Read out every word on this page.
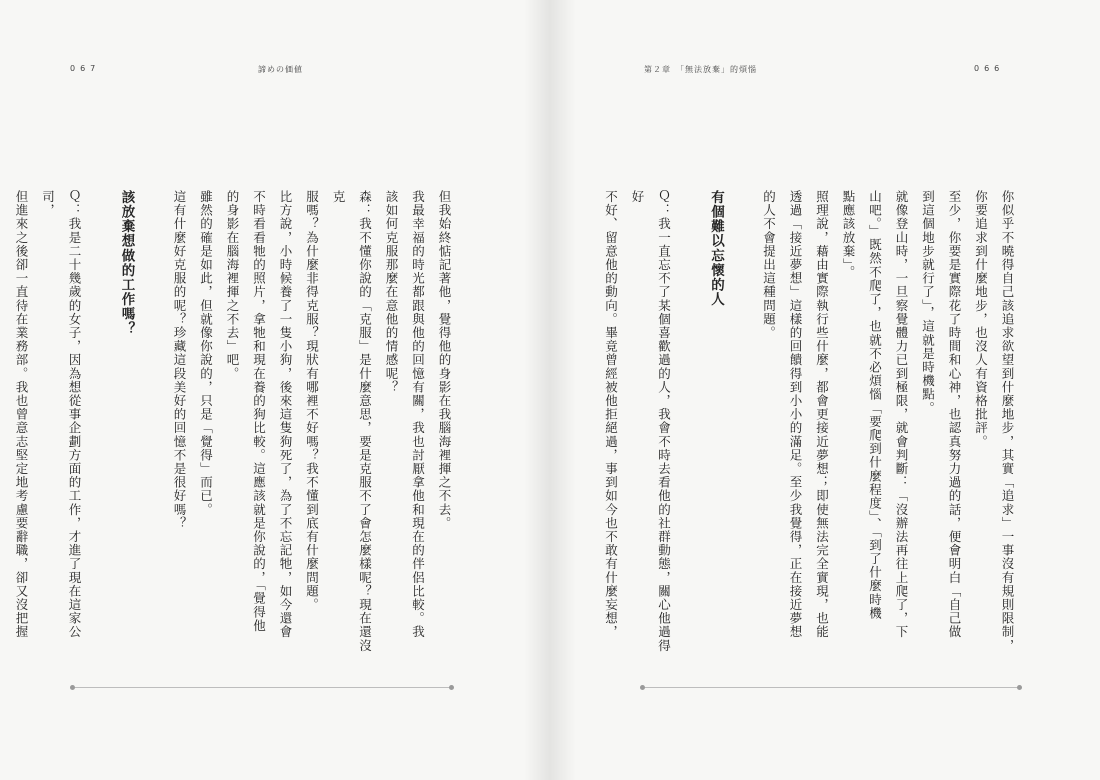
067	諦めの価値

但我始終惦記著他，覺得他的身影在我腦海裡揮之不去。

我最幸福的時光都跟與他的回憶有關，我也討厭拿他和現在的伴侶比較。我

該如何克服那麼在意他的情感呢？

森：我不懂你說的「克服」是什麼意思，要是克服不了會怎麼樣呢？現在還沒克

服嗎？為什麼非得克服？現狀有哪裡不好嗎？我不懂到底有什麼問題。

比方說，小時候養了一隻小狗，後來這隻狗死了，為了不忘記牠，如今還會

不時看看牠的照片，拿牠和現在養的狗比較。這應該就是你說的，「覺得他

的身影在腦海裡揮之不去」吧。

雖然的確是如此，但就像你說的，只是「覺得」而已。

這有什麼好克服的呢？珍藏這段美好的回憶不是很好嗎？

該放棄想做的工作嗎？

Ｑ：我是二十幾歲的女子，因為想從事企劃方面的工作，才進了現在這家公司，

但進來之後卻一直待在業務部。我也曾意志堅定地考慮要辭職，卻又沒把握

第２章　「無法放棄」的煩惱	066

你似乎不曉得自己該追求欲望到什麼地步，其實「追求」一事沒有規則限制，

你要追求到什麼地步，也沒人有資格批評。

至少，你要是實際花了時間和心神，也認真努力過的話，便會明白「自己做

到這個地步就行了」，這就是時機點。

就像登山時，一旦察覺體力已到極限，就會判斷：「沒辦法再往上爬了，下

山吧。」既然不爬了，也就不必煩惱「要爬到什麼程度」、「到了什麼時機

點應該放棄」。

照理說，藉由實際執行些什麼，都會更接近夢想；即使無法完全實現，也能

透過「接近夢想」這樣的回饋得到小小的滿足。至少我覺得，正在接近夢想

的人不會提出這種問題。

有個難以忘懷的人

Ｑ：我一直忘不了某個喜歡過的人，我會不時去看他的社群動態，關心他過得好

不好、留意他的動向。畢竟曾經被他拒絕過，事到如今也不敢有什麼妄想，
